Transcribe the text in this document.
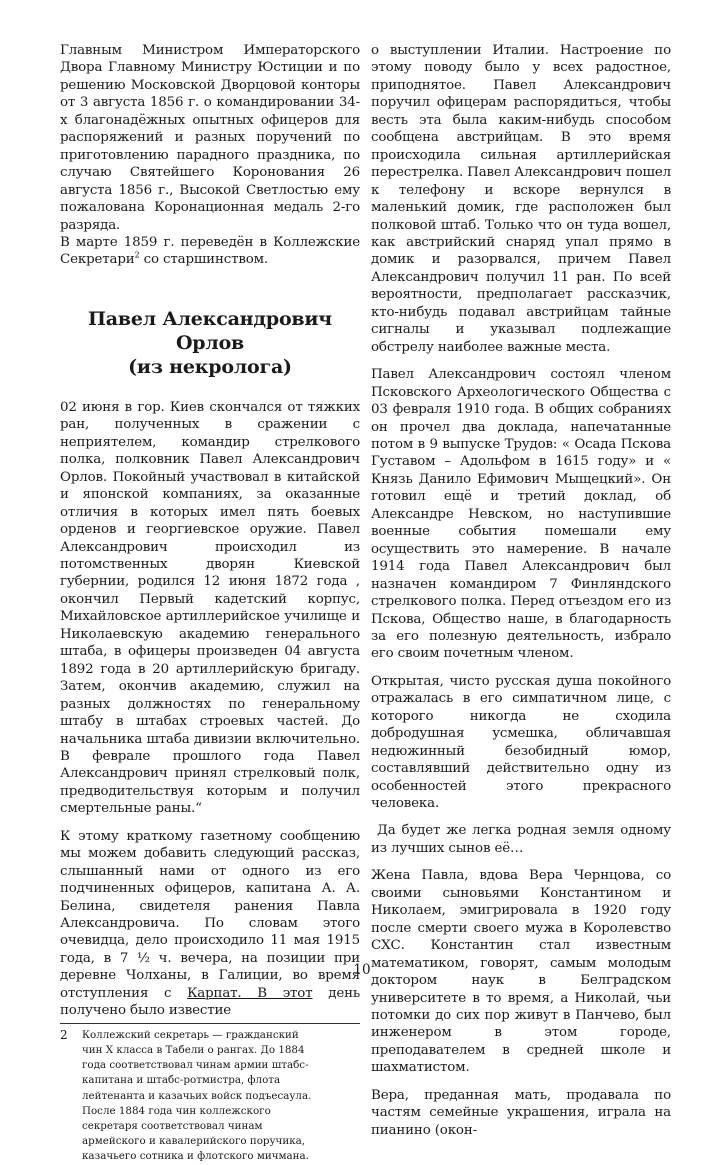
Главным Министром Императорского Двора Главному Министру Юстиции и по решению Московской Дворцовой конторы от 3 августа 1856 г. о командировании 34-х благонадёжных опытных офицеров для распоряжений и разных поручений по приготовлению парадного праздника, по случаю Святейшего Коронования 26 августа 1856 г., Высокой Светлостью ему пожалована Коронационная медаль 2-го разряда.

В марте 1859 г. переведён в Коллежские Секретари$^2$ со старшинством.

Павел Александрович Орлов
(из некролога)

02 июня в гор. Киев скончался от тяжких ран, полученных в сражении с неприятелем, командир стрелкового полка, полковник Павел Александрович Орлов. Покойный участвовал в китайской и японской компаниях, за оказанные отличия в которых имел пять боевых орденов и георгиевское оружие. Павел Александрович происходил из потомственных дворян Киевской губернии, родился 12 июня 1872 года , окончил Первый кадетский корпус, Михайловское артиллерийское училище и Николаевскую академию генерального штаба, в офицеры произведен 04 августа 1892 года в 20 артиллерийскую бригаду. Затем, окончив академию, служил на разных должностях по генеральному штабу в штабах строевых частей. До начальника штаба дивизии включительно. В феврале прошлого года Павел Александрович принял стрелковый полк, предводительствуя которым и получил смертельные раны.“

К этому краткому газетному сообщению мы можем добавить следующий рассказ, слышанный нами от одного из его подчиненных офицеров, капитана А. А. Белина, свидетеля ранения Павла Александровича. По словам этого очевидца, дело происходило 11 мая 1915 года, в 7 ½ ч. вечера, на позиции при деревне Чолханы, в Галиции, во время отступления с Карпат. В этот день получено было известие

2	Коллежский секретарь — гражданский чин X класса в Табели о рангах. До 1884 года соответствовал чинам армии штабс-капитана и штабс-ротмистра, флота лейтенанта и казачьих войск подъесаула. После 1884 года чин коллежского секретаря соответствовал чинам армейского и кавалерийского поручика, казачьего сотника и флотского мичмана.

о выступлении Италии. Настроение по этому поводу было у всех радостное, приподнятое. Павел Александрович поручил офицерам распорядиться, чтобы весть эта была каким-нибудь способом сообщена австрийцам. В это время происходила сильная артиллерийская перестрелка. Павел Александрович пошел к телефону и вскоре вернулся в маленький домик, где расположен был полковой штаб. Только что он туда вошел, как австрийский снаряд упал прямо в домик и разорвался, причем Павел Александрович получил 11 ран. По всей вероятности, предполагает рассказчик, кто-нибудь подавал австрийцам тайные сигналы и указывал подлежащие обстрелу наиболее важные места.

Павел Александрович состоял членом Псковского Археологического Общества с 03 февраля 1910 года. В общих собраниях он прочел два доклада, напечатанные потом в 9 выпуске Трудов: « Осада Пскова Густавом – Адольфом в 1615 году» и « Князь Данило Ефимович Мыщецкий». Он готовил ещё и третий доклад, об Александре Невском, но наступившие военные события помешали ему осуществить это намерение. В начале 1914 года Павел Александрович был назначен командиром 7 Финляндского стрелкового полка. Перед отъездом его из Пскова, Общество наше, в благодарность за его полезную деятельность, избрало его своим почетным членом.

Открытая, чисто русская душа покойного отражалась в его симпатичном лице, с которого никогда не сходила добродушная усмешка, обличавшая недюжинный безобидный юмор, составлявший действительно одну из особенностей этого прекрасного человека.

Да будет же легка родная земля одному из лучших сынов её…

Жена Павла, вдова Вера Чернцова, со своими сыновьями Константином и Николаем, эмигрировала в 1920 году после смерти своего мужа в Королевство СХС. Константин стал известным математиком, говорят, самым молодым доктором наук в Белградском университете в то время, а Николай, чьи потомки до сих пор живут в Панчево, был инженером в этом городе, преподавателем в средней школе и шахматистом.

Вера, преданная мать, продавала по частям семейные украшения, играла на пианино (окон-

10
